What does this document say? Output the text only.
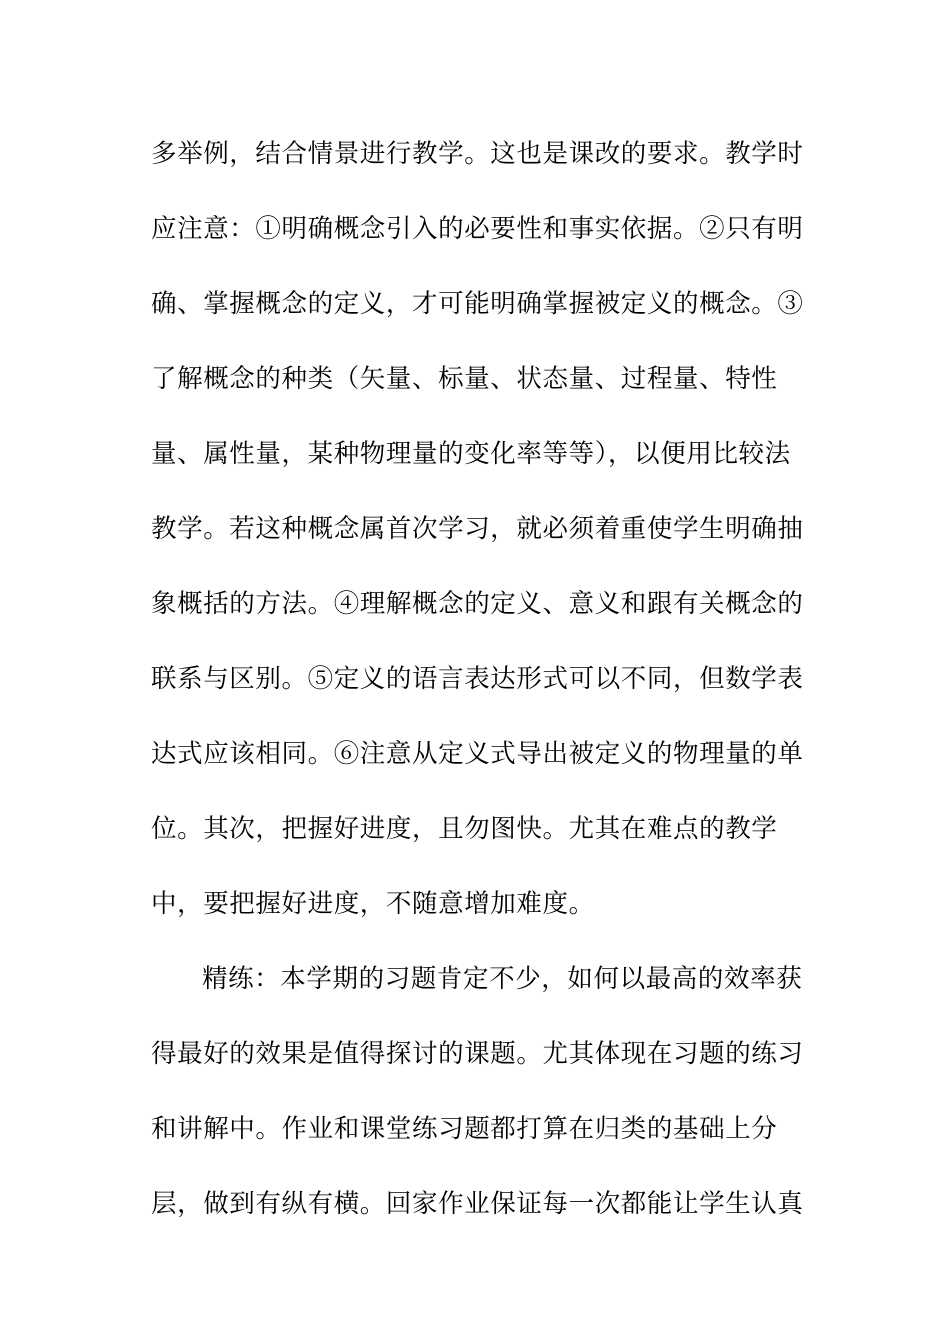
多举例，结合情景进行教学。这也是课改的要求。教学时
应注意：①明确概念引入的必要性和事实依据。②只有明
确、掌握概念的定义，才可能明确掌握被定义的概念。③
了解概念的种类（矢量、标量、状态量、过程量、特性
量、属性量，某种物理量的变化率等等），以便用比较法
教学。若这种概念属首次学习，就必须着重使学生明确抽
象概括的方法。④理解概念的定义、意义和跟有关概念的
联系与区别。⑤定义的语言表达形式可以不同，但数学表
达式应该相同。⑥注意从定义式导出被定义的物理量的单
位。其次，把握好进度，且勿图快。尤其在难点的教学
中，要把握好进度，不随意增加难度。
精练：本学期的习题肯定不少，如何以最高的效率获
得最好的效果是值得探讨的课题。尤其体现在习题的练习
和讲解中。作业和课堂练习题都打算在归类的基础上分
层，做到有纵有横。回家作业保证每一次都能让学生认真
